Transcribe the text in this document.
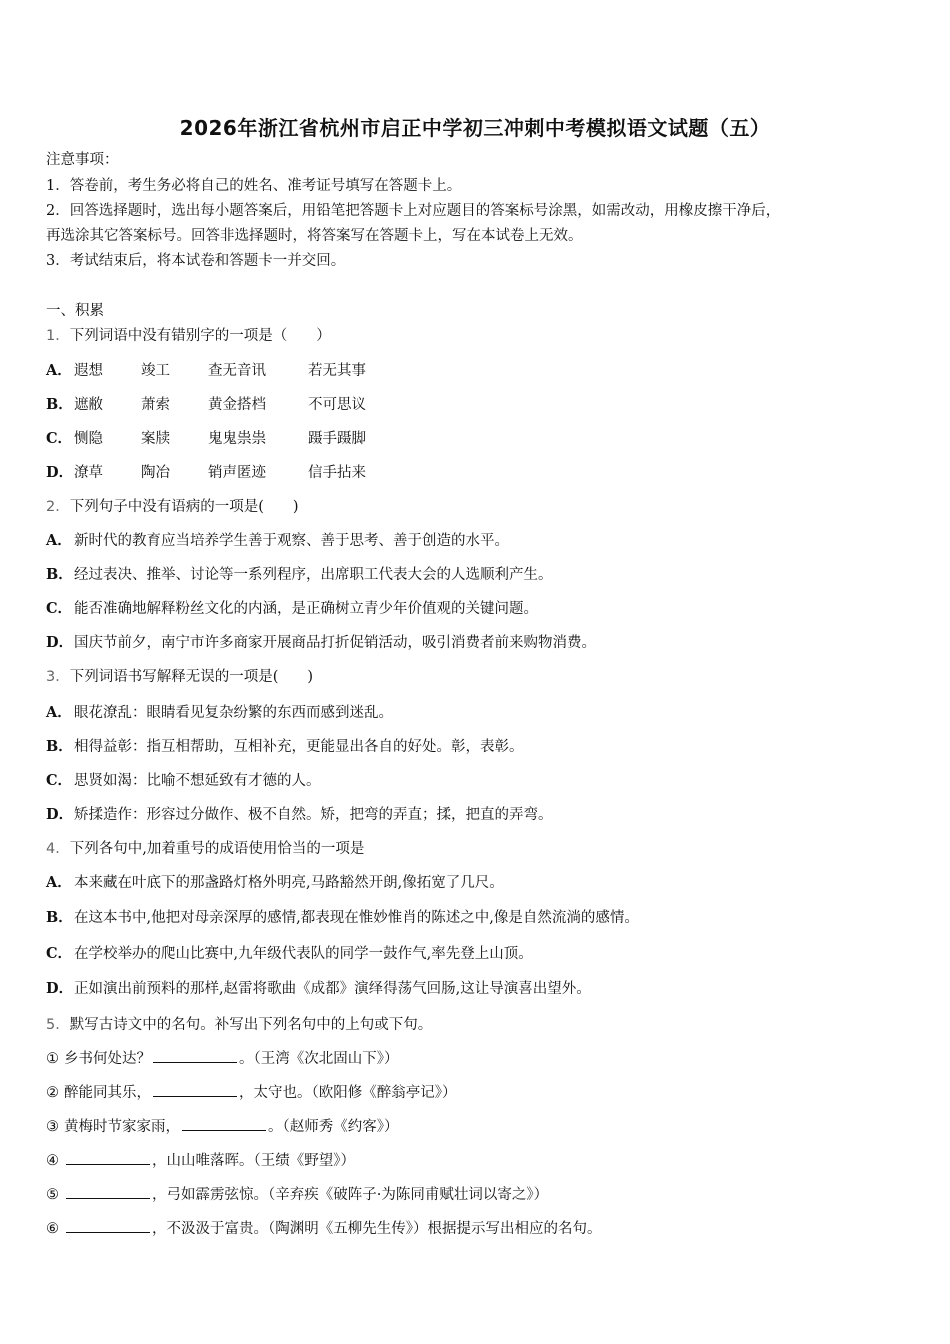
2026年浙江省杭州市启正中学初三冲刺中考模拟语文试题（五）
注意事项：
1．答卷前，考生务必将自己的姓名、准考证号填写在答题卡上。
2．回答选择题时，选出每小题答案后，用铅笔把答题卡上对应题目的答案标号涂黑，如需改动，用橡皮擦干净后，
再选涂其它答案标号。回答非选择题时，将答案写在答题卡上，写在本试卷上无效。
3．考试结束后，将本试卷和答题卡一并交回。
一、积累
1．下列词语中没有错别字的一项是（　　）
A． 遐想	竣工	查无音讯	若无其事
B．遮敝	萧索	黄金搭档	不可思议
C． 恻隐	案牍	鬼鬼祟祟	蹑手蹑脚
D．潦草	陶冶	销声匿迹	信手拈来
2．下列句子中没有语病的一项是(　　)
A． 新时代的教育应当培养学生善于观察、善于思考、善于创造的水平。
B．经过表决、推举、讨论等一系列程序，出席职工代表大会的人选顺利产生。
C． 能否准确地解释粉丝文化的内涵，是正确树立青少年价值观的关键问题。
D．国庆节前夕，南宁市许多商家开展商品打折促销活动，吸引消费者前来购物消费。
3．下列词语书写解释无误的一项是(　　)
A． 眼花潦乱：眼睛看见复杂纷繁的东西而感到迷乱。
B．相得益彰：指互相帮助，互相补充，更能显出各自的好处。彰，表彰。
C． 思贤如渴：比喻不想延致有才德的人。
D．矫揉造作：形容过分做作、极不自然。矫，把弯的弄直；揉，把直的弄弯。
4．下列各句中,加着重号的成语使用恰当的一项是
A． 本来藏在叶底下的那盏路灯格外明亮,马路豁然开朗,像拓宽了几尺。
B．在这本书中,他把对母亲深厚的感情,都表现在惟妙惟肖的陈述之中,像是自然流淌的感情。
C． 在学校举办的爬山比赛中,九年级代表队的同学一鼓作气,率先登上山顶。
D．正如演出前预料的那样,赵雷将歌曲《成都》演绎得荡气回肠,这让导演喜出望外。
5．默写古诗文中的名句。补写出下列名句中的上句或下句。
① 乡书何处达？	。（王湾《次北固山下》）
② 醉能同其乐，	，太守也。（欧阳修《醉翁亭记》）
③ 黄梅时节家家雨，	。（赵师秀《约客》）
④	，山山唯落晖。（王绩《野望》）
⑤	，弓如霹雳弦惊。（辛弃疾《破阵子·为陈同甫赋壮词以寄之》）
⑥	，不汲汲于富贵。（陶渊明《五柳先生传》）根据提示写出相应的名句。
